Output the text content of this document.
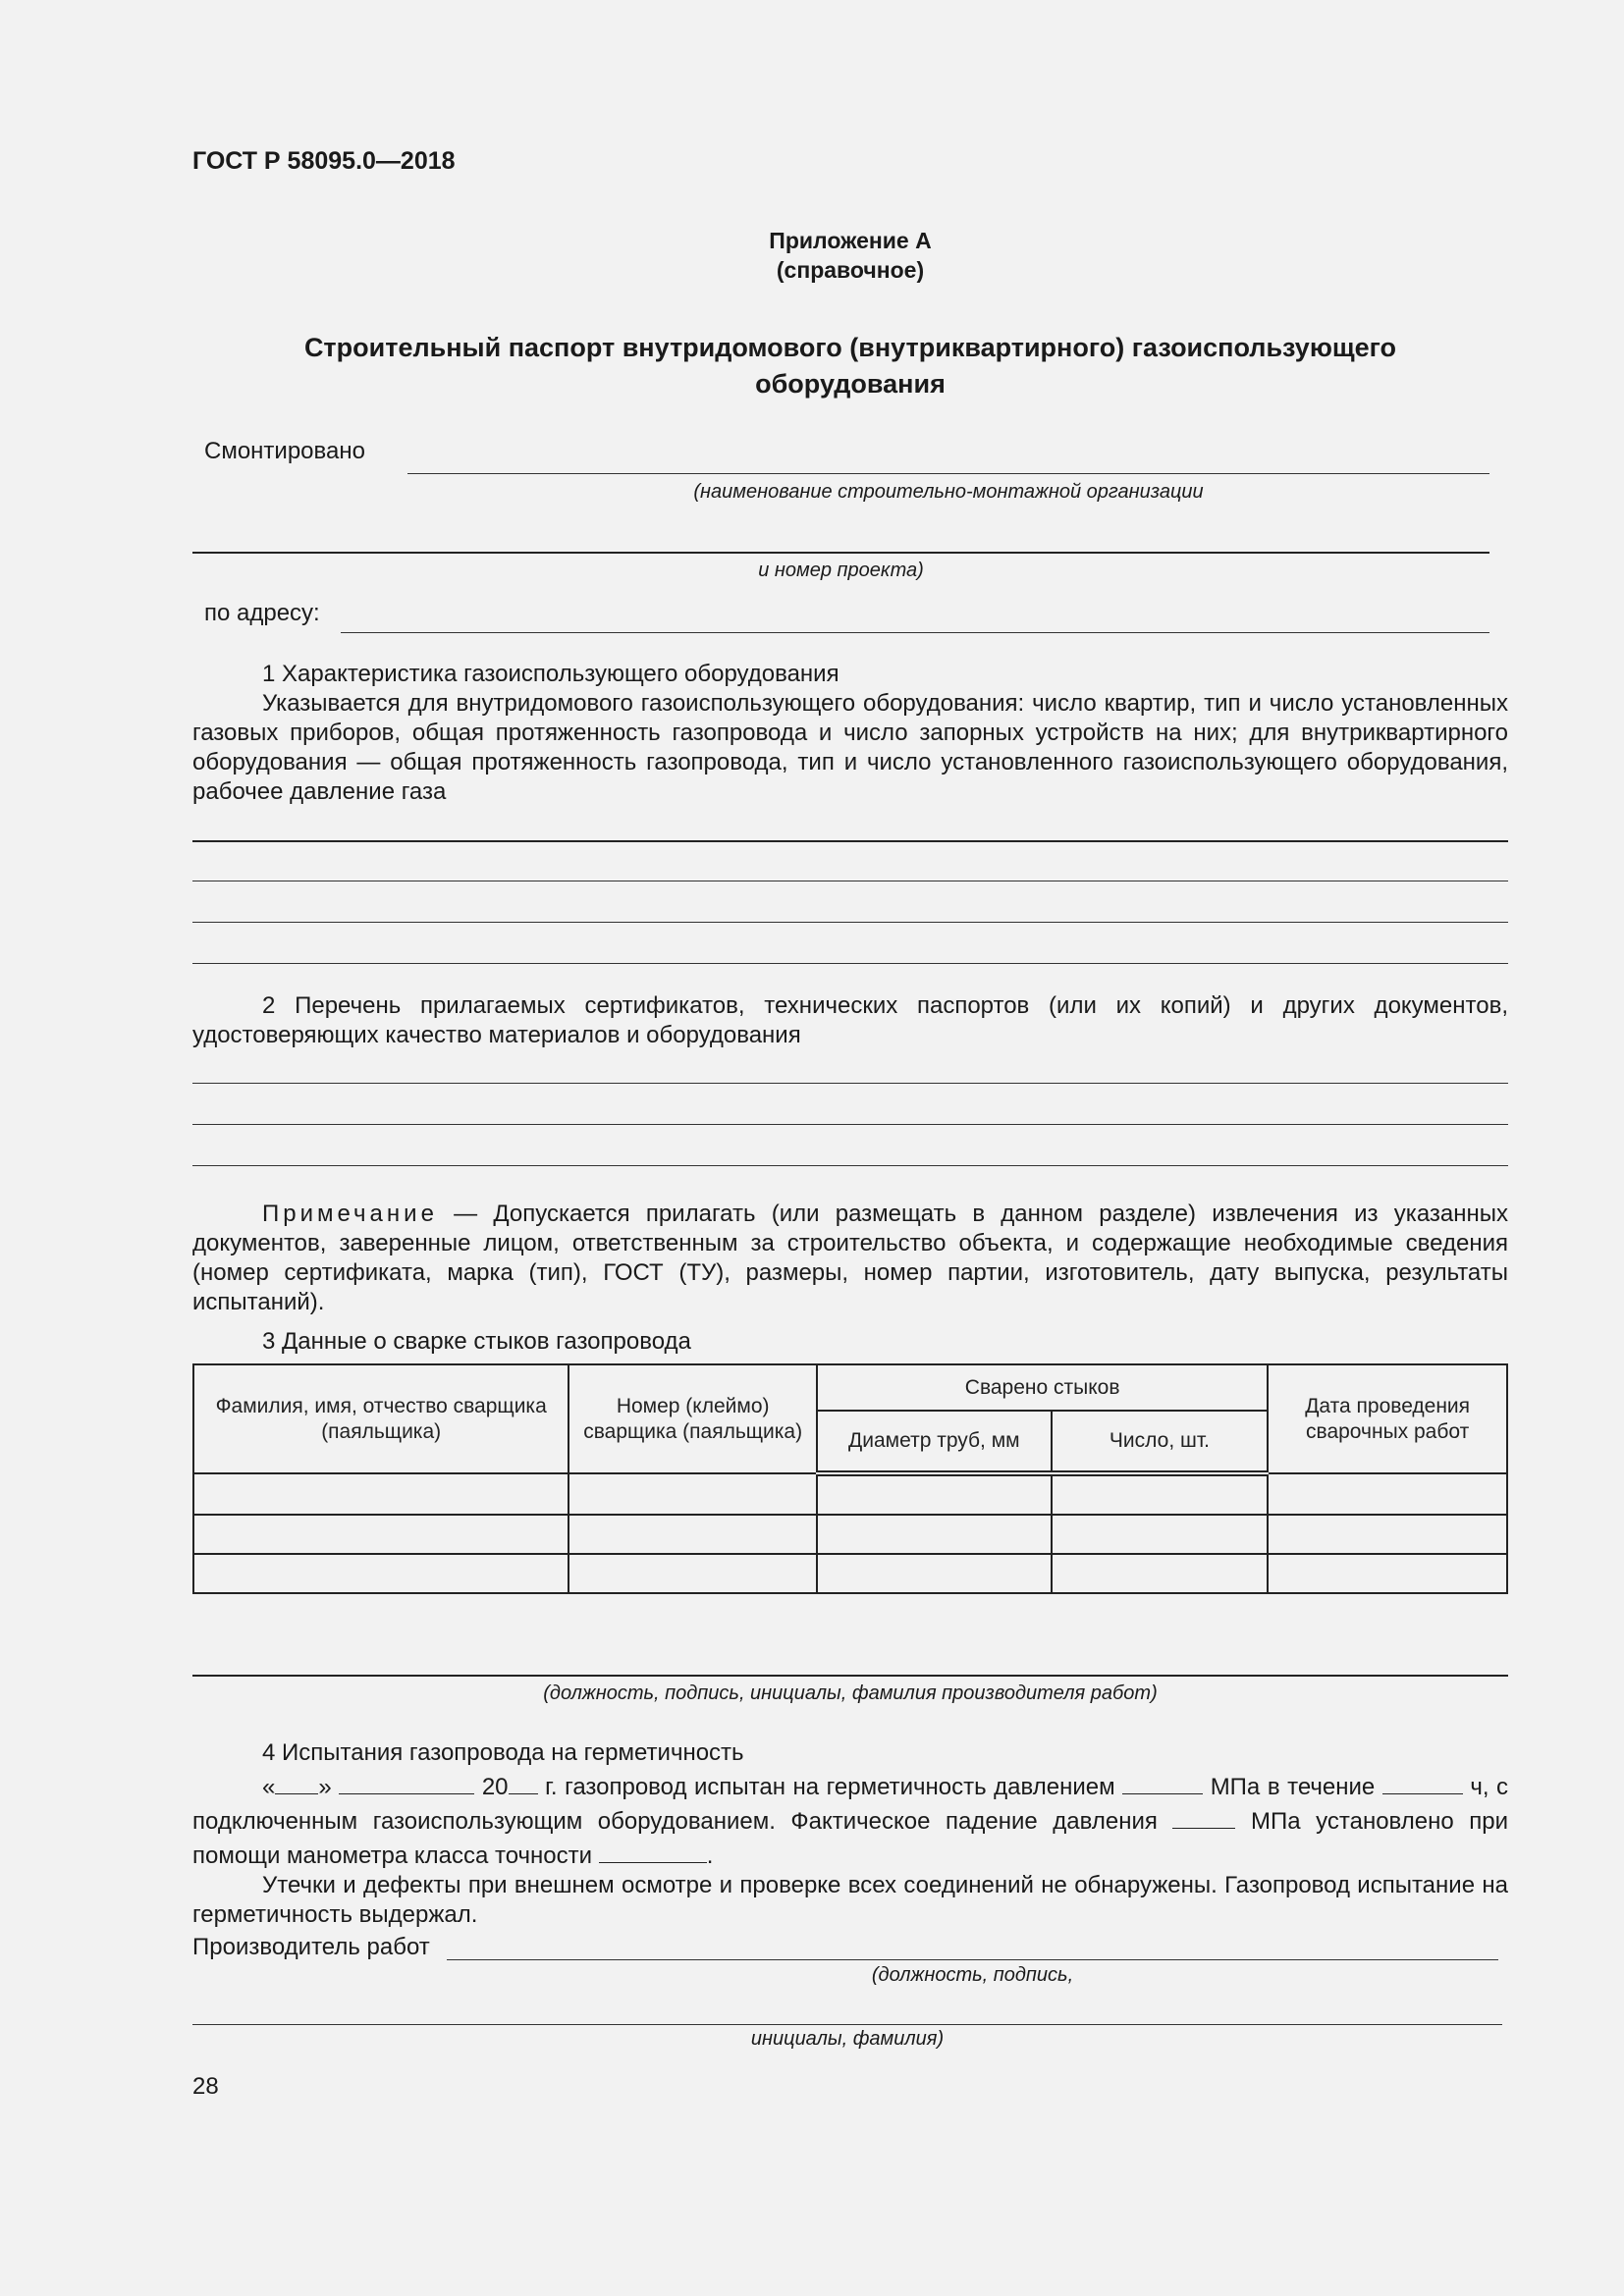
ГОСТ Р 58095.0—2018
Приложение А
(справочное)
Строительный паспорт внутридомового (внутриквартирного) газоиспользующего
оборудования
Смонтировано
(наименование строительно-монтажной организации
и номер проекта)
по адресу:
1 Характеристика газоиспользующего оборудования
Указывается для внутридомового газоиспользующего оборудования: число квартир, тип и число установленных газовых приборов, общая протяженность газопровода и число запорных устройств на них; для внутриквартирного оборудования — общая протяженность газопровода, тип и число установленного газоиспользующего оборудования, рабочее давление газа
2 Перечень прилагаемых сертификатов, технических паспортов (или их копий) и других документов, удостоверяющих качество материалов и оборудования
Примечание — Допускается прилагать (или размещать в данном разделе) извлечения из указанных документов, заверенные лицом, ответственным за строительство объекта, и содержащие необходимые сведения (номер сертификата, марка (тип), ГОСТ (ТУ), размеры, номер партии, изготовитель, дату выпуска, результаты испытаний).
3 Данные о сварке стыков газопровода
Фамилия, имя, отчество сварщика (паяльщика)	Номер (клеймо) сварщика (паяльщика)	Сварено стыков		Дата проведения сварочных работ
		Диаметр труб, мм	Число, шт.	

(должность, подпись, инициалы, фамилия производителя работ)
4 Испытания газопровода на герметичность
« »	20 г. газопровод испытан на герметичность давлением	МПа в течение	ч, с подключенным газоиспользующим оборудованием. Фактическое падение давления	МПа установлено при помощи манометра класса точности	.
Утечки и дефекты при внешнем осмотре и проверке всех соединений не обнаружены. Газопровод испытание на герметичность выдержал.
Производитель работ
(должность, подпись,
инициалы, фамилия)
28
